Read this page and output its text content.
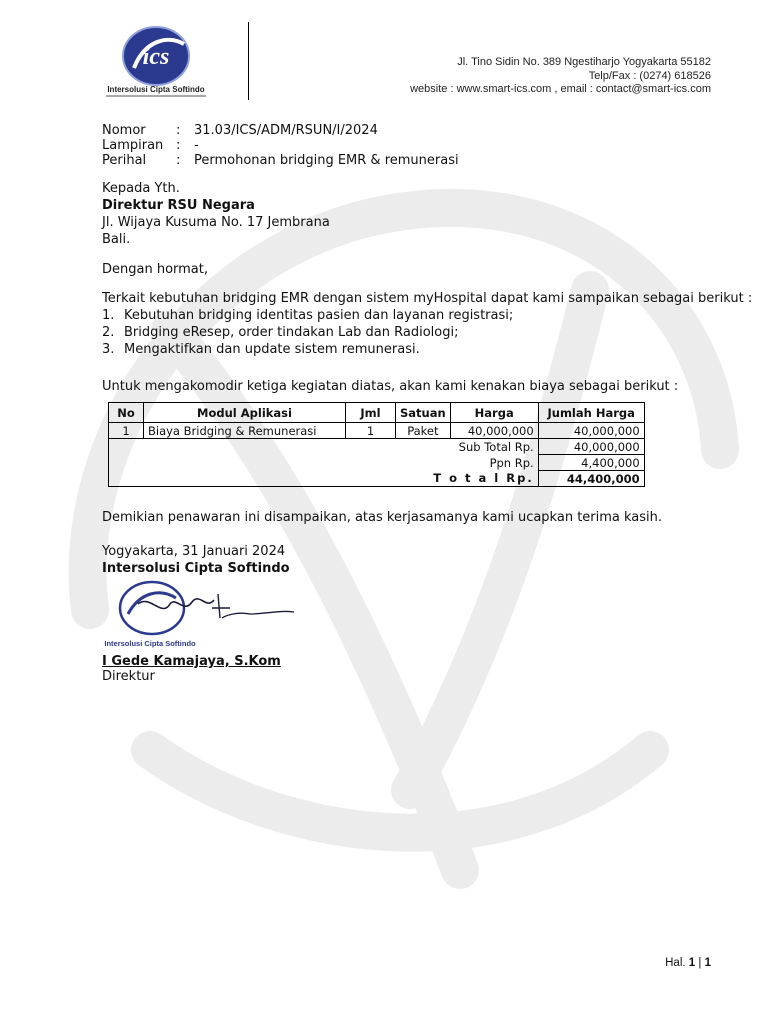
ics
Intersolusi Cipta Softindo
Jl. Tino Sidin No. 389 Ngestiharjo Yogyakarta 55182
Telp/Fax : (0274) 618526
website : www.smart-ics.com , email : contact@smart-ics.com
Nomor	:	31.03/ICS/ADM/RSUN/I/2024
Lampiran :	-
Perihal	:	Permohonan bridging EMR & remunerasi
Kepada Yth.
Direktur RSU Negara
Jl. Wijaya Kusuma No. 17 Jembrana
Bali.
Dengan hormat,
Terkait kebutuhan bridging EMR dengan sistem myHospital dapat kami sampaikan sebagai berikut :
1. Kebutuhan bridging identitas pasien dan layanan registrasi;
2. Bridging eResep, order tindakan Lab dan Radiologi;
3. Mengaktifkan dan update sistem remunerasi.
Untuk mengakomodir ketiga kegiatan diatas, akan kami kenakan biaya sebagai berikut :
No	Modul Aplikasi	Jml	Satuan	Harga	Jumlah Harga
1	Biaya Bridging & Remunerasi	1	Paket	40,000,000	40,000,000
Sub Total Rp.					40,000,000
Ppn Rp.					4,400,000
T o t a l Rp.					44,400,000
Demikian penawaran ini disampaikan, atas kerjasamanya kami ucapkan terima kasih.
Yogyakarta, 31 Januari 2024
Intersolusi Cipta Softindo
Intersolusi Cipta Softindo
I Gede Kamajaya, S.Kom
Direktur
Hal. 1 | 1
